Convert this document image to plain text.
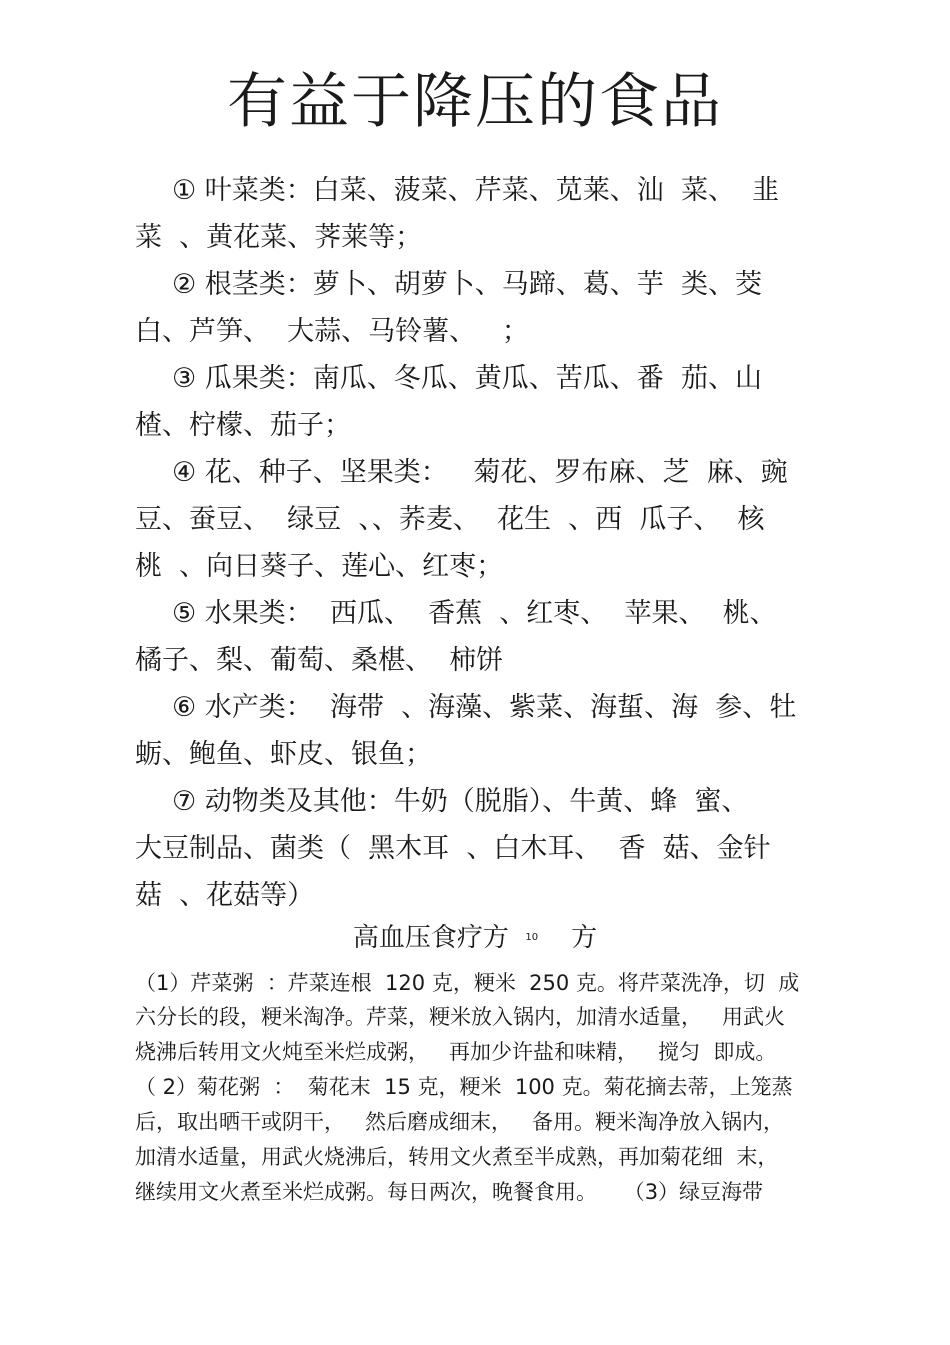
有益于降压的食品
① 叶菜类：白菜、菠菜、芹菜、苋莱、汕  菜、  韭
菜  、黄花菜、荠莱等；
② 根茎类：萝卜、胡萝卜、马蹄、葛、芋  类、茭
白、芦笋、  大蒜、马铃薯、   ；
③ 瓜果类：南瓜、冬瓜、黄瓜、苦瓜、番  茄、山
楂、柠檬、茄子；
④ 花、种子、坚果类：   菊花、罗布麻、芝  麻、豌
豆、蚕豆、  绿豆  、、荞麦、  花生  、西  瓜子、  核
桃  、向日葵子、莲心、红枣；
⑤ 水果类：  西瓜、  香蕉  、红枣、  苹果、  桃、
橘子、梨、葡萄、桑椹、  柿饼
⑥ 水产类：  海带  、海藻、紫菜、海蜇、海  参、牡
蛎、鲍鱼、虾皮、银鱼；
⑦ 动物类及其他：牛奶（脱脂）、牛黄、蜂  蜜、
大豆制品、菌类（  黑木耳  、白木耳、  香  菇、金针
菇  、花菇等）
高血压食疗方 $^{10}$ 方
（1）芹菜粥  ：芹菜连根  120 克，粳米  250 克。将芹菜洗净，切  成
六分长的段，粳米淘净。芹菜，粳米放入锅内，加清水适量，   用武火
烧沸后转用文火炖至米烂成粥，   再加少许盐和味精，   搅匀  即成。
（ 2）菊花粥  ：  菊花末  15 克，粳米  100 克。菊花摘去蒂，上笼蒸
后，取出晒干或阴干，   然后磨成细末，   备用。粳米淘净放入锅内，
加清水适量，用武火烧沸后，转用文火煮至半成熟，再加菊花细  末，
继续用文火煮至米烂成粥。每日两次，晚餐食用。    （3）绿豆海带
